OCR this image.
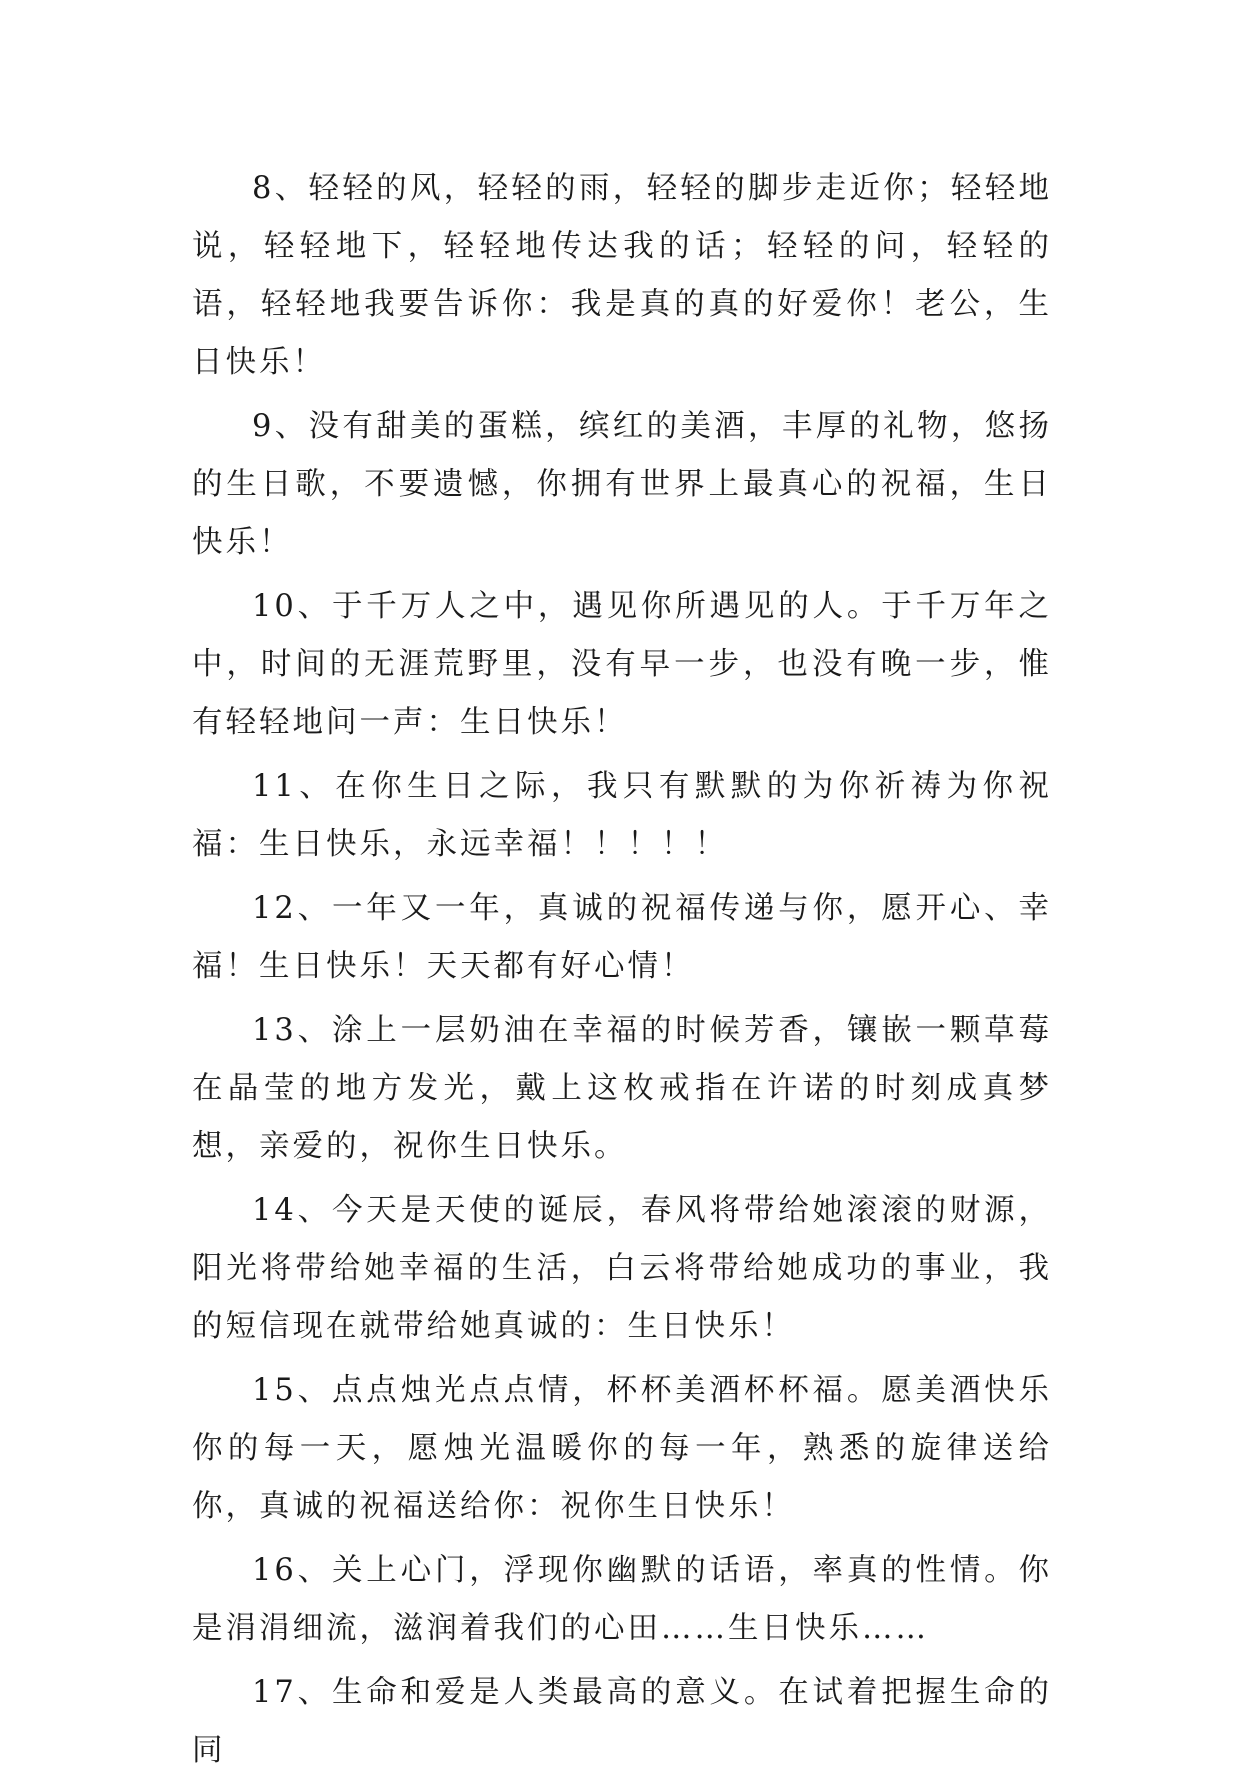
8、轻轻的风，轻轻的雨，轻轻的脚步走近你；轻轻地说，轻轻地下，轻轻地传达我的话；轻轻的问，轻轻的语，轻轻地我要告诉你：我是真的真的好爱你！老公，生日快乐！

9、没有甜美的蛋糕，缤红的美酒，丰厚的礼物，悠扬的生日歌，不要遗憾，你拥有世界上最真心的祝福，生日快乐！

10、于千万人之中，遇见你所遇见的人。于千万年之中，时间的无涯荒野里，没有早一步，也没有晚一步，惟有轻轻地问一声：生日快乐！

11、在你生日之际，我只有默默的为你祈祷为你祝福：生日快乐，永远幸福！！！！！

12、一年又一年，真诚的祝福传递与你，愿开心、幸福！生日快乐！天天都有好心情！

13、涂上一层奶油在幸福的时候芳香，镶嵌一颗草莓在晶莹的地方发光，戴上这枚戒指在许诺的时刻成真梦想，亲爱的，祝你生日快乐。

14、今天是天使的诞辰，春风将带给她滚滚的财源，阳光将带给她幸福的生活，白云将带给她成功的事业，我的短信现在就带给她真诚的：生日快乐！

15、点点烛光点点情，杯杯美酒杯杯福。愿美酒快乐你的每一天，愿烛光温暖你的每一年，熟悉的旋律送给你，真诚的祝福送给你：祝你生日快乐！

16、关上心门，浮现你幽默的话语，率真的性情。你是涓涓细流，滋润着我们的心田……生日快乐……

17、生命和爱是人类最高的意义。在试着把握生命的同
